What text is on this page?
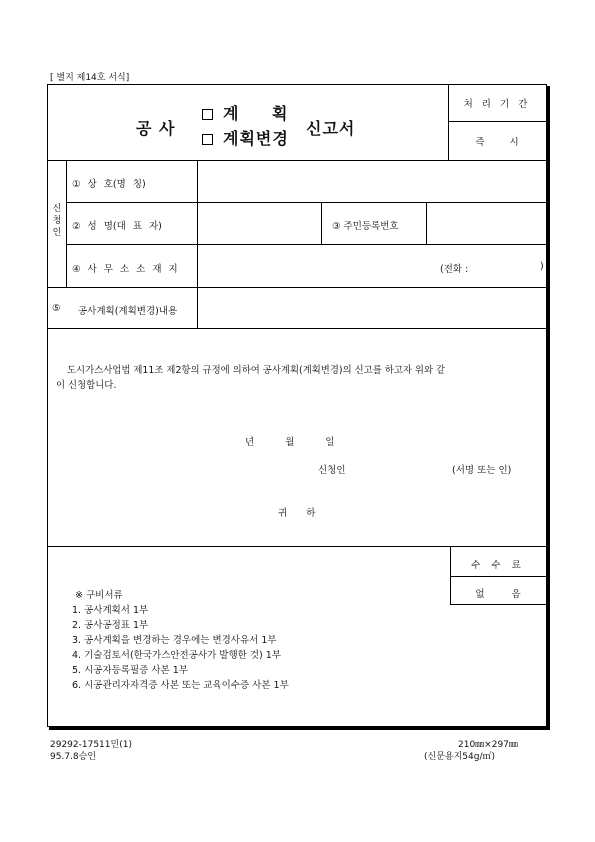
[ 별지 제14호 서식]
공 사
계 획
계획변경
신고서
처 리 기 간
즉 시
신청인
① 상 호(명 칭)
② 성 명(대 표 자)	③ 주민등록번호
④ 사 무 소 소 재 지	(전화 :	)
⑤ 공사계획(계획변경)내용
도시가스사업법 제11조 제2항의 규정에 의하여 공사계획(계획변경)의 신고를 하고자 위와 같
이 신청합니다.
년 월 일
신청인	(서명 또는 인)
귀 하
수 수 료
없 음
※ 구비서류
1. 공사계획서 1부
2. 공사공정표 1부
3. 공사계획을 변경하는 경우에는 변경사유서 1부
4. 기술검토서(한국가스안전공사가 발행한 것) 1부
5. 시공자등록필증 사본 1부
6. 시공관리자자격증 사본 또는 교육이수증 사본 1부
29292-17511민(1)
95.7.8승인
210㎜×297㎜
(신문용지54g/㎡)
